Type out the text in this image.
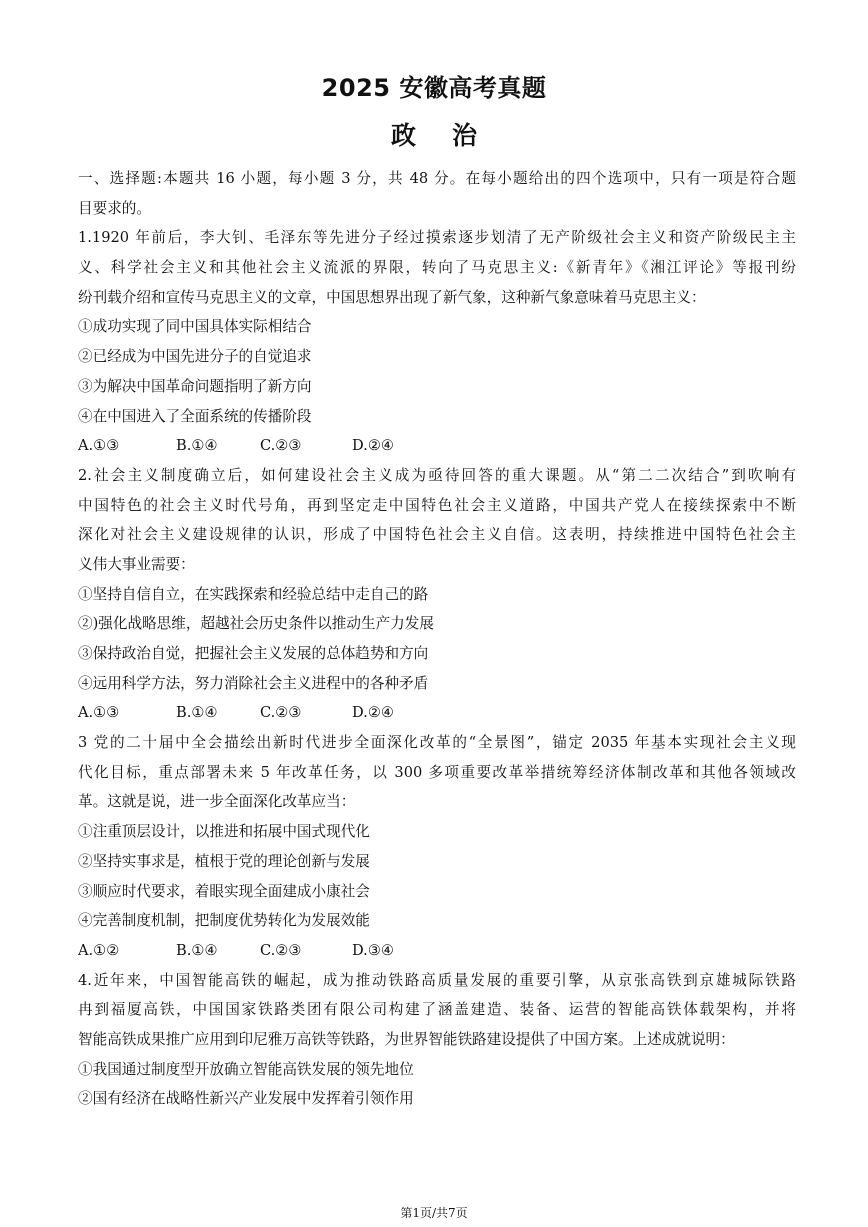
2025 安徽高考真题
政治
一、选择题:本题共 16 小题，每小题 3 分，共 48 分。在每小题给出的四个选项中，只有一项是符合题
目要求的。
1.1920 年前后，李大钊、毛泽东等先进分子经过摸索逐步划清了无产阶级社会主义和资产阶级民主主
义、科学社会主义和其他社会主义流派的界限，转向了马克思主义:《新青年》《湘江评论》等报刊纷
纷刊载介绍和宣传马克思主义的文章，中国思想界出现了新气象，这种新气象意味着马克思主义：
①成功实现了同中国具体实际相结合
②已经成为中国先进分子的自觉追求
③为解决中国革命问题指明了新方向
④在中国进入了全面系统的传播阶段
A.①③	B.①④	C.②③	D.②④
2.社会主义制度确立后，如何建设社会主义成为亟待回答的重大课题。从“第二二次结合”到吹响有
中国特色的社会主义时代号角，再到坚定走中国特色社会主义道路，中国共产党人在接续探索中不断
深化对社会主义建设规律的认识，形成了中国特色社会主义自信。这表明，持续推进中国特色社会主
义伟大事业需要：
①坚持自信自立，在实践探索和经验总结中走自己的路
②)强化战略思维，超越社会历史条件以推动生产力发展
③保持政治自觉，把握社会主义发展的总体趋势和方向
④远用科学方法，努力消除社会主义进程中的各种矛盾
A.①③	B.①④	C.②③	D.②④
3 党的二十届中全会描绘出新时代进步全面深化改革的“全景图”，锚定 2035 年基本实现社会主义现
代化目标，重点部署未来 5 年改革任务，以 300 多项重要改革举措统筹经济体制改革和其他各领域改
革。这就是说，进一步全面深化改革应当：
①注重顶层设计，以推进和拓展中国式现代化
②坚持实事求是，植根于党的理论创新与发展
③顺应时代要求，着眼实现全面建成小康社会
④完善制度机制，把制度优势转化为发展效能
A.①②	B.①④	C.②③	D.③④
4.近年来，中国智能高铁的崛起，成为推动铁路高质量发展的重要引擎，从京张高铁到京雄城际铁路
冉到福厦高铁，中国国家铁路类团有限公司构建了涵盖建造、装备、运营的智能高铁体载架构，并将
智能高铁成果推广应用到印尼雅万高铁等铁路，为世界智能铁路建设提供了中国方案。上述成就说明：
①我国通过制度型开放确立智能高铁发展的领先地位
②国有经济在战略性新兴产业发展中发挥着引领作用
第1页/共7页
